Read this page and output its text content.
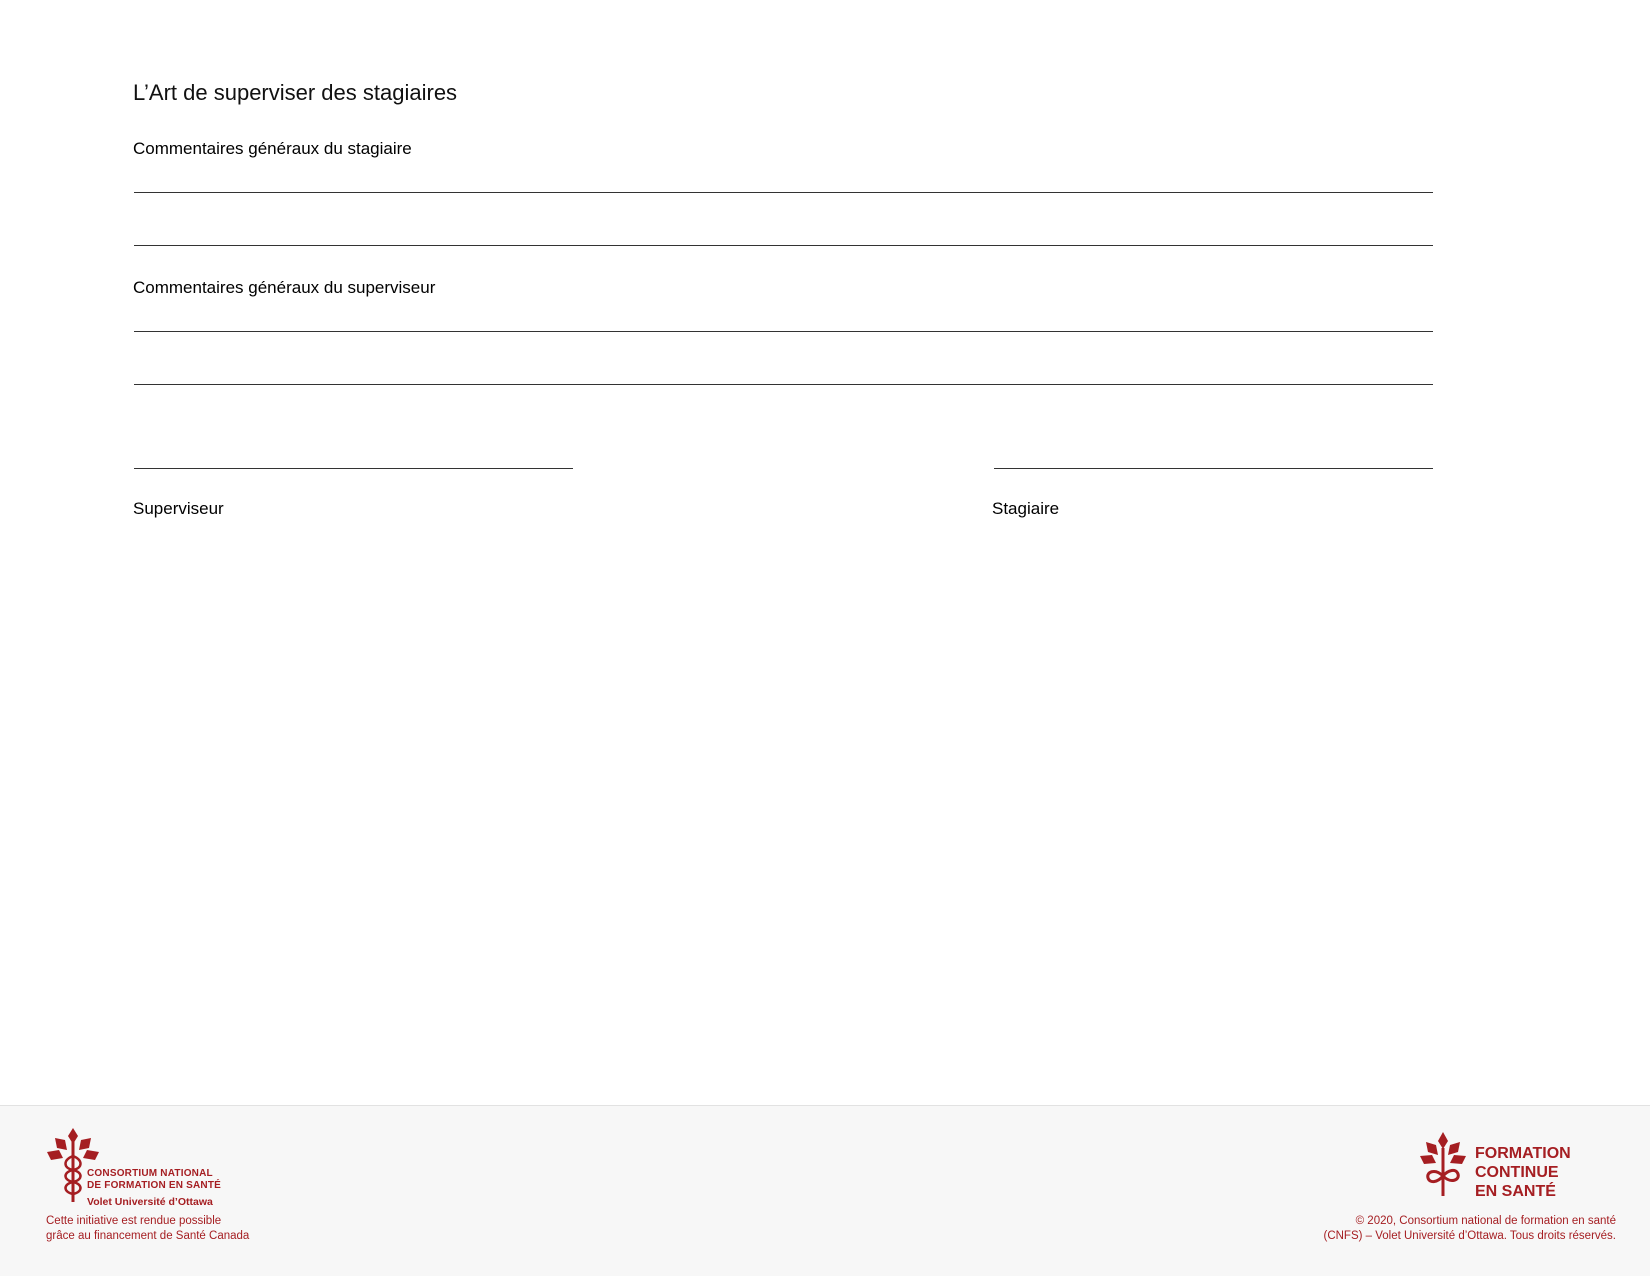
L’Art de superviser des stagiaires
Commentaires généraux du stagiaire
Commentaires généraux du superviseur
Superviseur	Stagiaire
CONSORTIUM NATIONAL
DE FORMATION EN SANTÉ
Volet Université d’Ottawa
Cette initiative est rendue possible
grâce au financement de Santé Canada
FORMATION
CONTINUE
EN SANTÉ
© 2020, Consortium national de formation en santé
(CNFS) – Volet Université d’Ottawa. Tous droits réservés.
